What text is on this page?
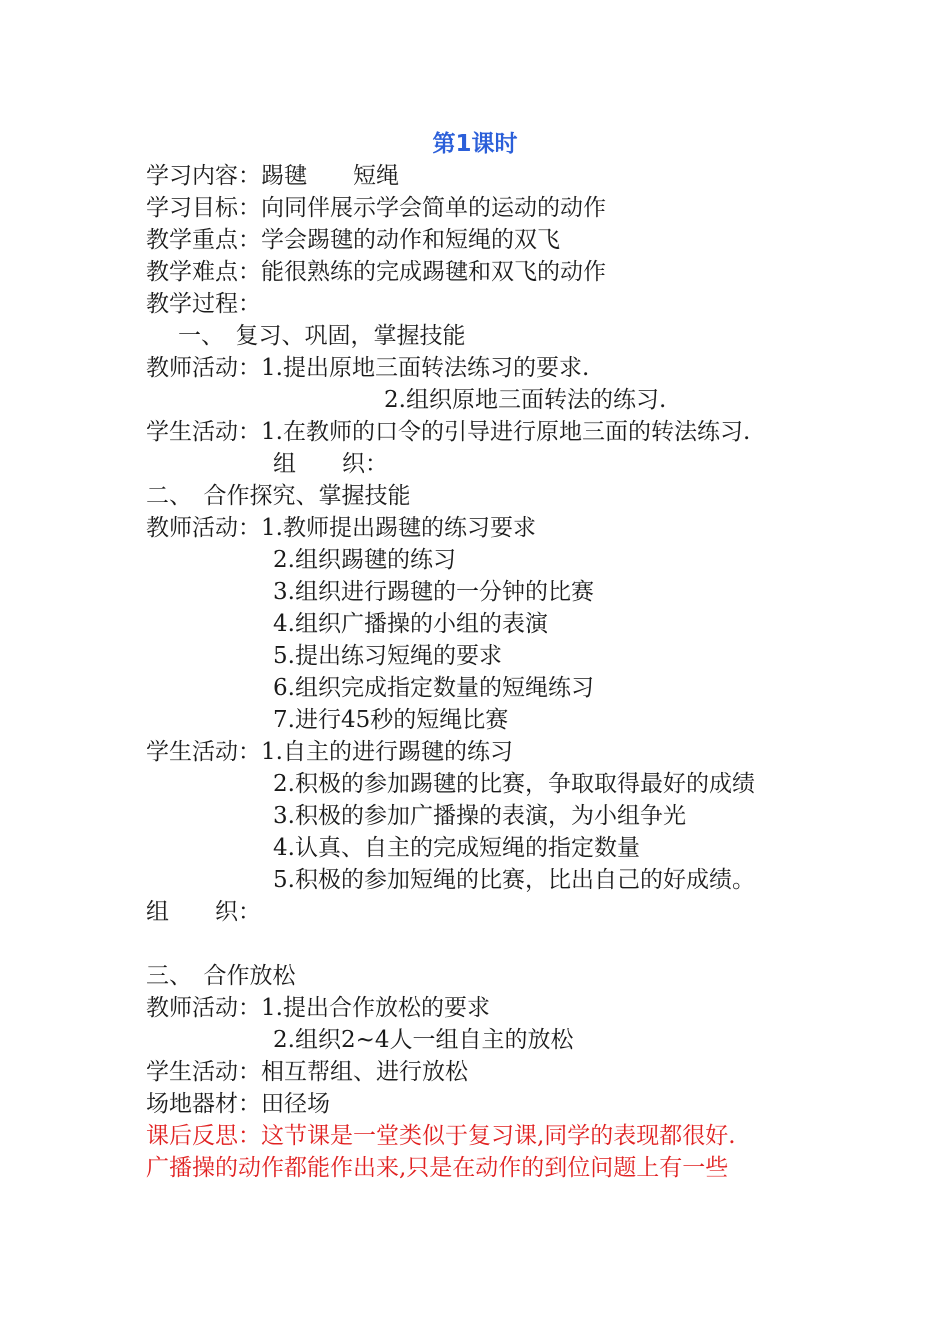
第1课时
学习内容：踢毽　　短绳
学习目标：向同伴展示学会简单的运动的动作
教学重点：学会踢毽的动作和短绳的双飞
教学难点：能很熟练的完成踢毽和双飞的动作
教学过程：
一、　复习、巩固，掌握技能
教师活动：1.提出原地三面转法练习的要求.
2.组织原地三面转法的练习.
学生活动：1.在教师的口令的引导进行原地三面的转法练习.
组　　织：
二、　合作探究、掌握技能
教师活动：1.教师提出踢毽的练习要求
2.组织踢毽的练习
3.组织进行踢毽的一分钟的比赛
4.组织广播操的小组的表演
5.提出练习短绳的要求
6.组织完成指定数量的短绳练习
7.进行45秒的短绳比赛
学生活动：1.自主的进行踢毽的练习
2.积极的参加踢毽的比赛，争取取得最好的成绩
3.积极的参加广播操的表演，为小组争光
4.认真、自主的完成短绳的指定数量
5.积极的参加短绳的比赛，比出自己的好成绩。
组　　织：
三、　合作放松
教师活动：1.提出合作放松的要求
2.组织2~4人一组自主的放松
学生活动：相互帮组、进行放松
场地器材：田径场
课后反思：这节课是一堂类似于复习课,同学的表现都很好.
广播操的动作都能作出来,只是在动作的到位问题上有一些
